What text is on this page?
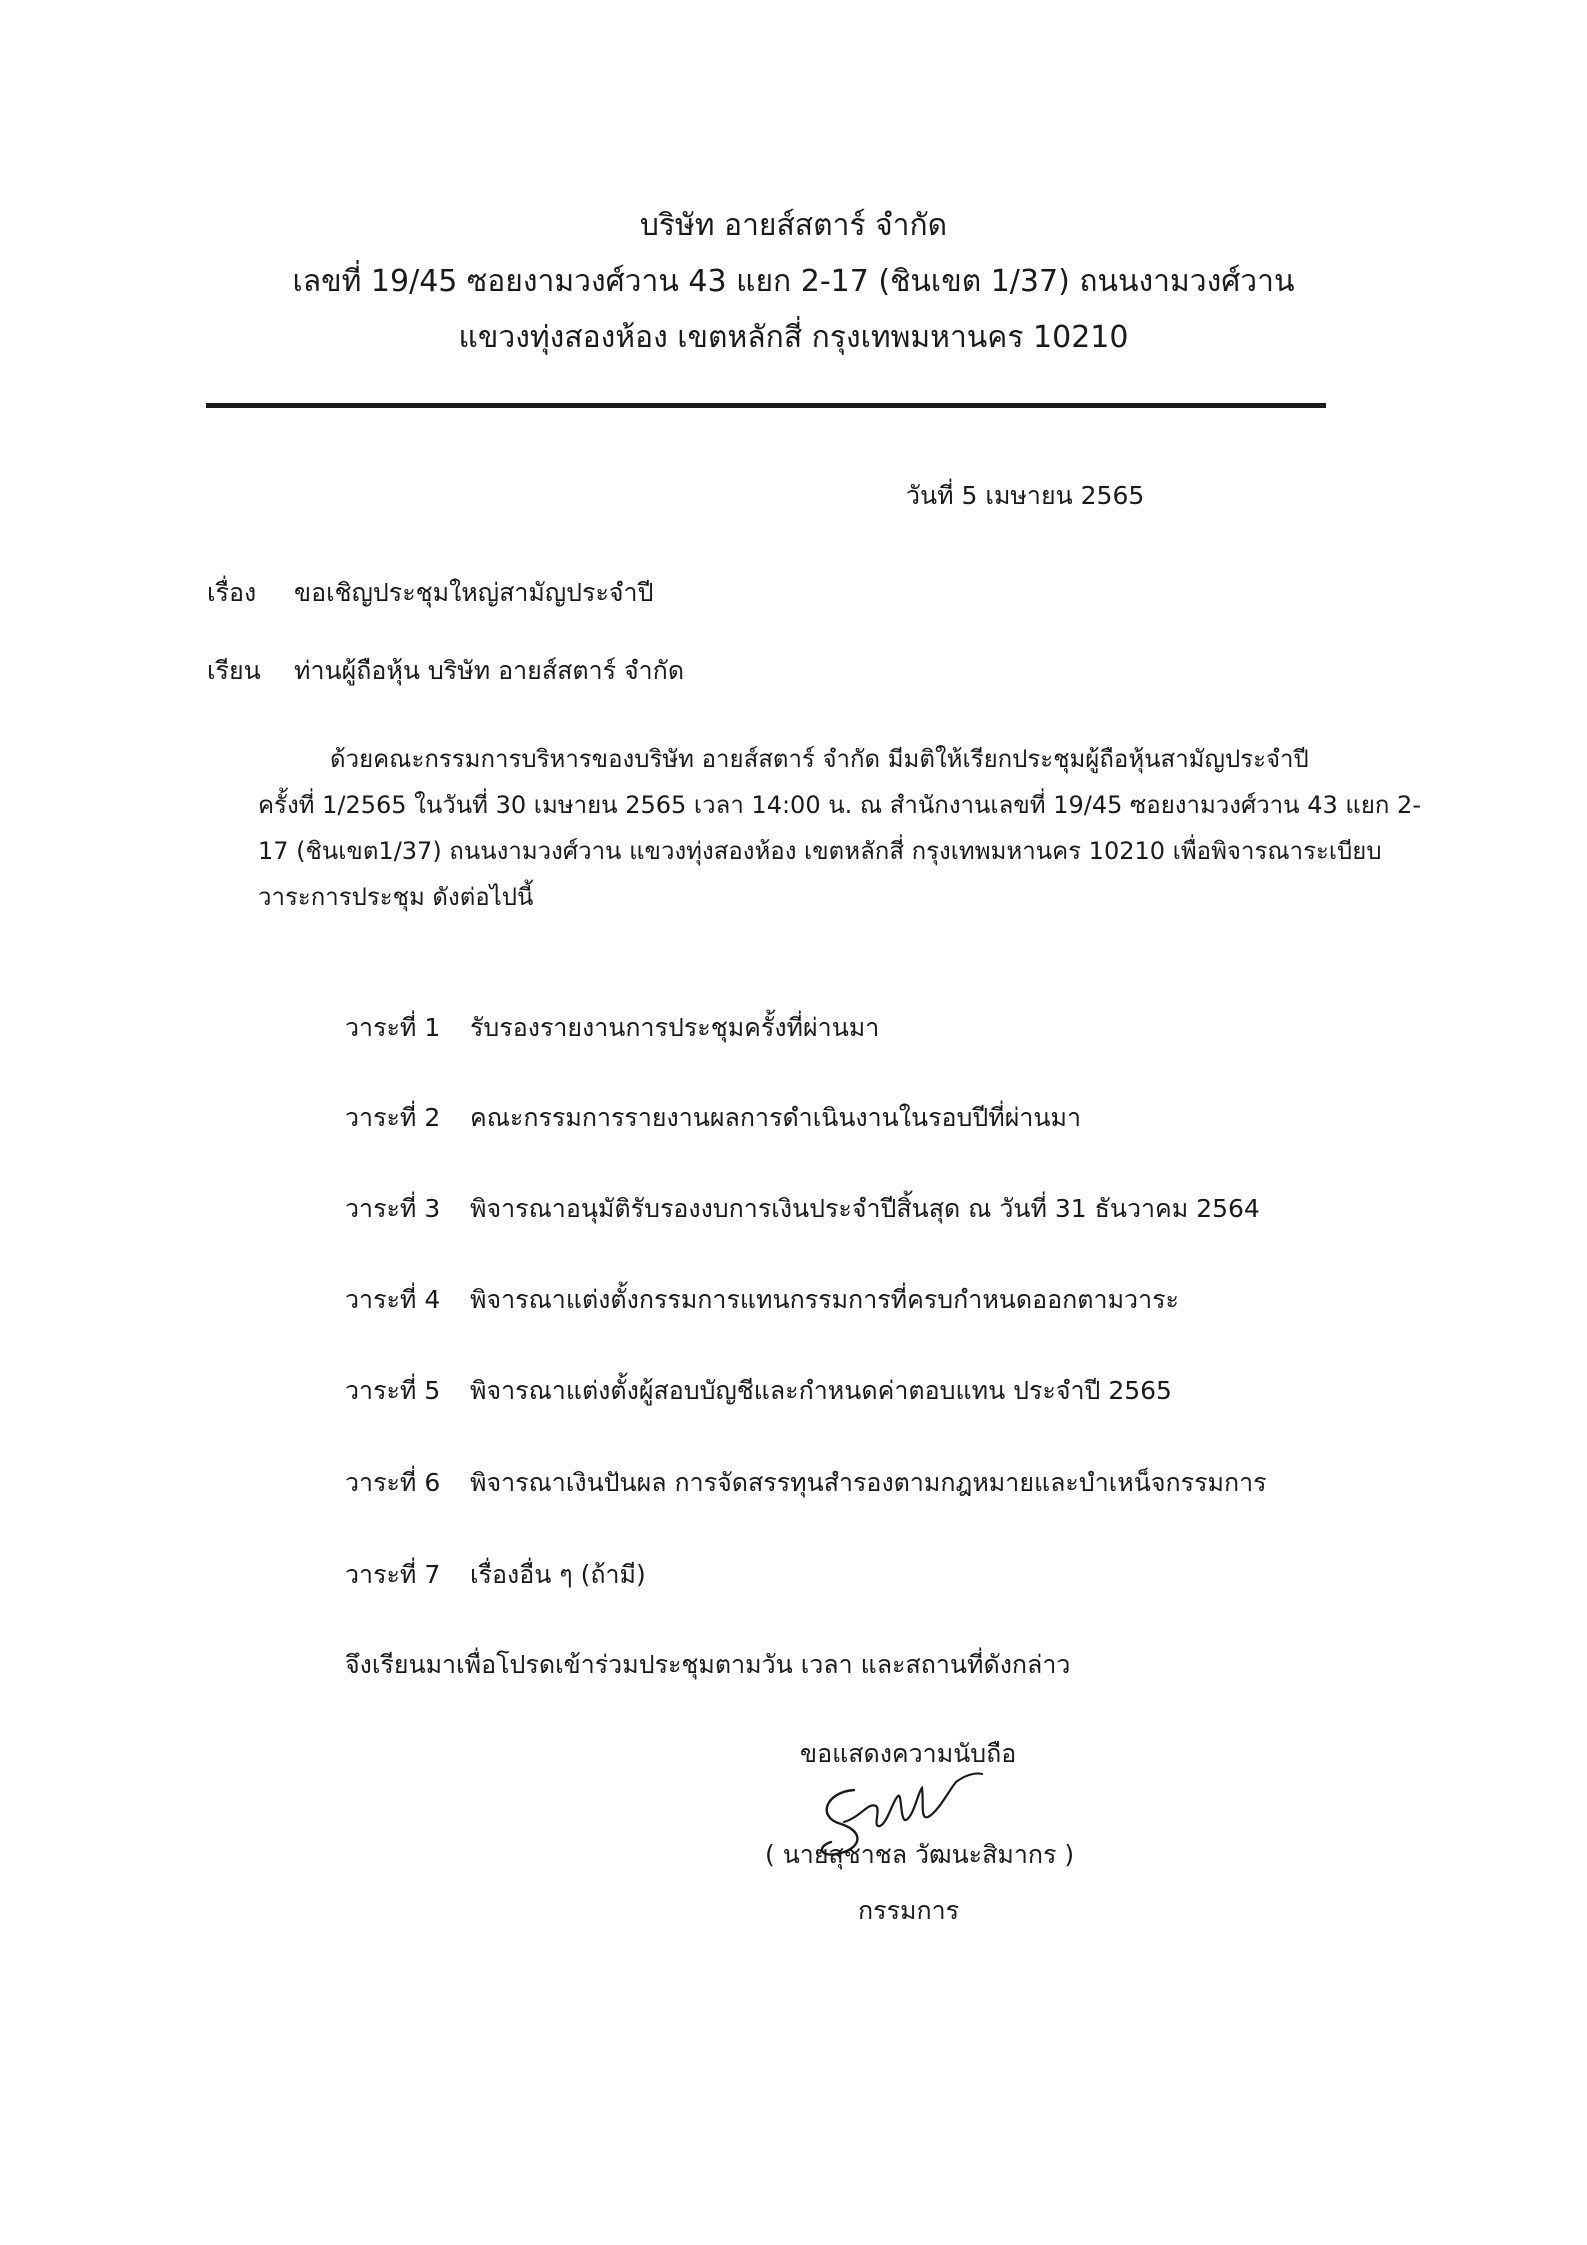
บริษัท อายส์สตาร์ จำกัด
เลขที่ 19/45 ซอยงามวงศ์วาน 43 แยก 2-17 (ชินเขต 1/37) ถนนงามวงศ์วาน
แขวงทุ่งสองห้อง เขตหลักสี่ กรุงเทพมหานคร 10210
วันที่ 5 เมษายน 2565
เรื่อง ขอเชิญประชุมใหญ่สามัญประจำปี
เรียน ท่านผู้ถือหุ้น บริษัท อายส์สตาร์ จำกัด
ด้วยคณะกรรมการบริหารของบริษัท อายส์สตาร์ จำกัด มีมติให้เรียกประชุมผู้ถือหุ้นสามัญประจำปี
ครั้งที่ 1/2565 ในวันที่ 30 เมษายน 2565 เวลา 14:00 น. ณ สำนักงานเลขที่ 19/45 ซอยงามวงศ์วาน 43 แยก 2-
17 (ชินเขต1/37) ถนนงามวงศ์วาน แขวงทุ่งสองห้อง เขตหลักสี่ กรุงเทพมหานคร 10210 เพื่อพิจารณาระเบียบ
วาระการประชุม ดังต่อไปนี้
วาระที่ 1 รับรองรายงานการประชุมครั้งที่ผ่านมา
วาระที่ 2 คณะกรรมการรายงานผลการดำเนินงานในรอบปีที่ผ่านมา
วาระที่ 3 พิจารณาอนุมัติรับรองงบการเงินประจำปีสิ้นสุด ณ วันที่ 31 ธันวาคม 2564
วาระที่ 4 พิจารณาแต่งตั้งกรรมการแทนกรรมการที่ครบกำหนดออกตามวาระ
วาระที่ 5 พิจารณาแต่งตั้งผู้สอบบัญชีและกำหนดค่าตอบแทน ประจำปี 2565
วาระที่ 6 พิจารณาเงินปันผล การจัดสรรทุนสำรองตามกฎหมายและบำเหน็จกรรมการ
วาระที่ 7 เรื่องอื่น ๆ (ถ้ามี)
จึงเรียนมาเพื่อโปรดเข้าร่วมประชุมตามวัน เวลา และสถานที่ดังกล่าว
ขอแสดงความนับถือ
( นายสุชาชล วัฒนะสิมากร )
กรรมการ
